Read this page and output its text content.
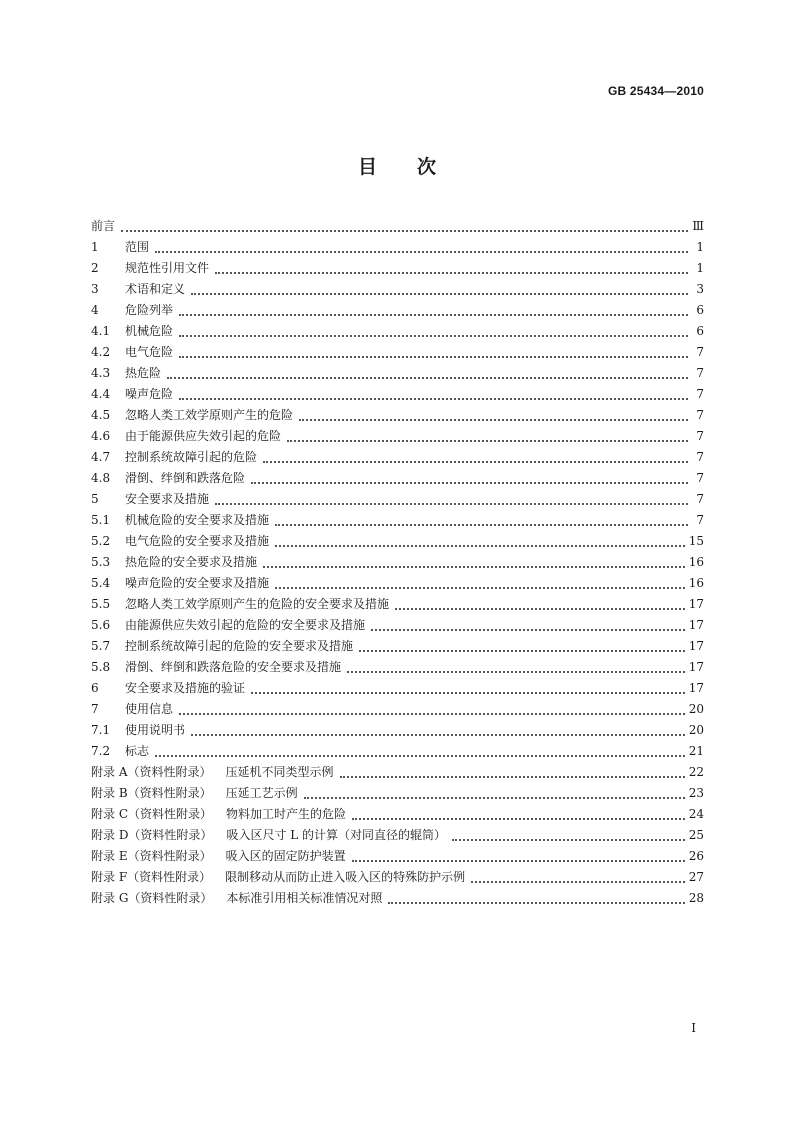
GB 25434—2010
目 次
前言	Ⅲ
1	范围	1
2	规范性引用文件	1
3	术语和定义	3
4	危险列举	6
4.1	机械危险	6
4.2	电气危险	7
4.3	热危险	7
4.4	噪声危险	7
4.5	忽略人类工效学原则产生的危险	7
4.6	由于能源供应失效引起的危险	7
4.7	控制系统故障引起的危险	7
4.8	滑倒、绊倒和跌落危险	7
5	安全要求及措施	7
5.1	机械危险的安全要求及措施	7
5.2	电气危险的安全要求及措施	15
5.3	热危险的安全要求及措施	16
5.4	噪声危险的安全要求及措施	16
5.5	忽略人类工效学原则产生的危险的安全要求及措施	17
5.6	由能源供应失效引起的危险的安全要求及措施	17
5.7	控制系统故障引起的危险的安全要求及措施	17
5.8	滑倒、绊倒和跌落危险的安全要求及措施	17
6	安全要求及措施的验证	17
7	使用信息	20
7.1	使用说明书	20
7.2	标志	21
附录 A（资料性附录） 压延机不同类型示例	22
附录 B（资料性附录） 压延工艺示例	23
附录 C（资料性附录） 物料加工时产生的危险	24
附录 D（资料性附录） 吸入区尺寸 L 的计算（对同直径的辊筒）	25
附录 E（资料性附录） 吸入区的固定防护装置	26
附录 F（资料性附录） 限制移动从而防止进入吸入区的特殊防护示例	27
附录 G（资料性附录） 本标准引用相关标准情况对照	28
I
